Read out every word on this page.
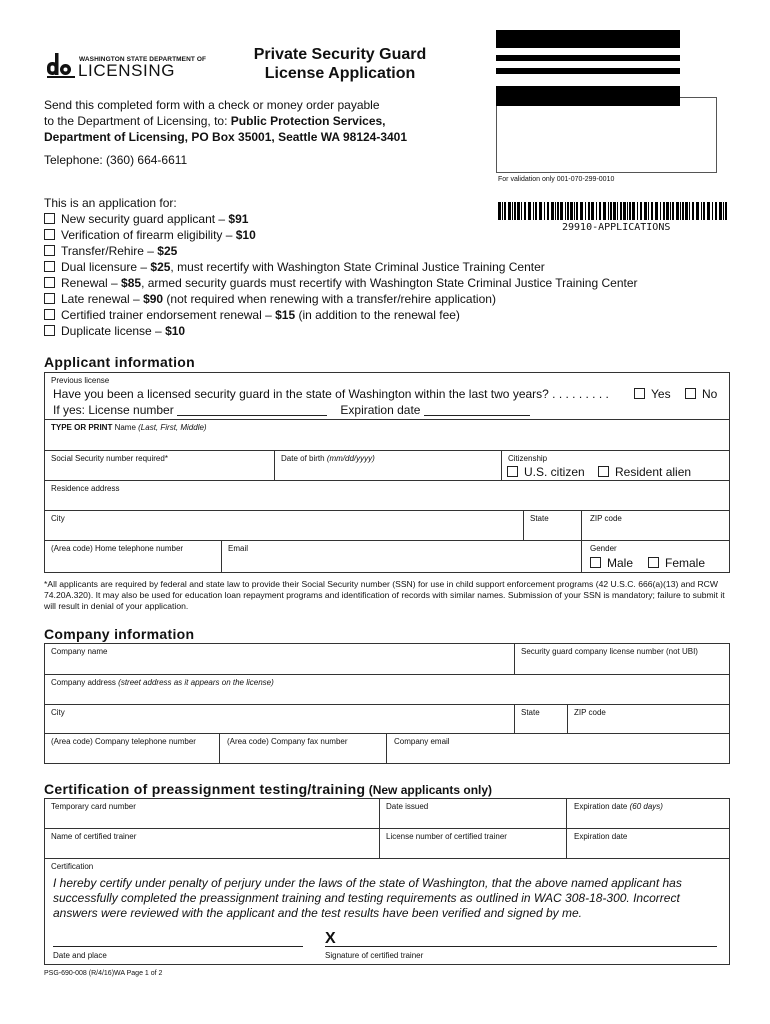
WASHINGTON STATE DEPARTMENT OF
LICENSING
Private Security Guard
License Application
For validation only 001-070-299-0010
29910-APPLICATIONS
Send this completed form with a check or money order payable
to the Department of Licensing, to: Public Protection Services,
Department of Licensing, PO Box 35001, Seattle WA 98124-3401
Telephone: (360) 664-6611
This is an application for:
New security guard applicant – $91
Verification of firearm eligibility – $10
Transfer/Rehire – $25
Dual licensure – $25, must recertify with Washington State Criminal Justice Training Center
Renewal – $85, armed security guards must recertify with Washington State Criminal Justice Training Center
Late renewal – $90 (not required when renewing with a transfer/rehire application)
Certified trainer endorsement renewal – $15 (in addition to the renewal fee)
Duplicate license – $10
Applicant information
Previous license
Have you been a licensed security guard in the state of Washington within the last two years? . . . . . . . . .	Yes	No
If yes: License number	Expiration date
TYPE OR PRINT Name (Last, First, Middle)
Social Security number required*	Date of birth (mm/dd/yyyy)	Citizenship
U.S. citizen	Resident alien
Residence address
City	State	ZIP code
(Area code) Home telephone number	Email	Gender
Male	Female
*All applicants are required by federal and state law to provide their Social Security number (SSN) for use in child support enforcement programs (42 U.S.C. 666(a)(13) and RCW 74.20A.320). It may also be used for education loan repayment programs and identification of records with similar names. Submission of your SSN is mandatory; failure to submit it will result in denial of your application.
Company information
Company name	Security guard company license number (not UBI)
Company address (street address as it appears on the license)
City	State	ZIP code
(Area code) Company telephone number	(Area code) Company fax number	Company email
Certification of preassignment testing/training (New applicants only)
Temporary card number	Date issued	Expiration date (60 days)
Name of certified trainer	License number of certified trainer	Expiration date
Certification
I hereby certify under penalty of perjury under the laws of the state of Washington, that the above named applicant has successfully completed the preassignment training and testing requirements as outlined in WAC 308-18-300. Incorrect answers were reviewed with the applicant and the test results have been verified and signed by me.
Date and place
X
Signature of certified trainer
PSG-690-008 (R/4/16)WA Page 1 of 2
